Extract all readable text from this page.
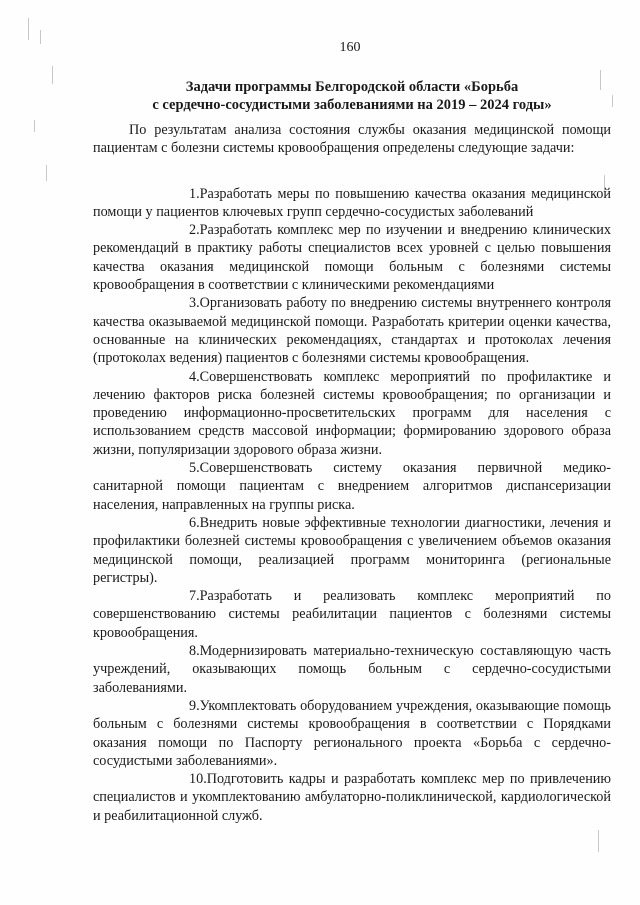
160
Задачи программы Белгородской области «Борьба
с сердечно-сосудистыми заболеваниями на 2019 – 2024 годы»

По результатам анализа состояния службы оказания медицинской помощи пациентам с болезни системы кровообращения определены следующие задачи:

1.Разработать меры по повышению качества оказания медицинской помощи у пациентов ключевых групп сердечно-сосудистых заболеваний

2.Разработать комплекс мер по изучении и внедрению клинических рекомендаций в практику работы специалистов всех уровней с целью повышения качества оказания медицинской помощи больным с болезнями системы кровообращения в соответствии с клиническими рекомендациями

3.Организовать работу по внедрению системы внутреннего контроля качества оказываемой медицинской помощи. Разработать критерии оценки качества, основанные на клинических рекомендациях, стандартах и протоколах лечения (протоколах ведения) пациентов с болезнями системы кровообращения.

4.Совершенствовать комплекс мероприятий по профилактике и лечению факторов риска болезней системы кровообращения; по организации и проведению информационно-просветительских программ для населения с использованием средств массовой информации; формированию здорового образа жизни, популяризации здорового образа жизни.

5.Совершенствовать систему оказания первичной медико-санитарной помощи пациентам с внедрением алгоритмов диспансеризации населения, направленных на группы риска.

6.Внедрить новые эффективные технологии диагностики, лечения и профилактики болезней системы кровообращения с увеличением объемов оказания медицинской помощи, реализацией программ мониторинга (региональные регистры).

7.Разработать и реализовать комплекс мероприятий по совершенствованию системы реабилитации пациентов с болезнями системы кровообращения.

8.Модернизировать материально-техническую составляющую часть учреждений, оказывающих помощь больным с сердечно-сосудистыми заболеваниями.

9.Укомплектовать оборудованием учреждения, оказывающие помощь больным с болезнями системы кровообращения в соответствии с Порядками оказания помощи по Паспорту регионального проекта «Борьба с сердечно-сосудистыми заболеваниями».

10.Подготовить кадры и разработать комплекс мер по привлечению специалистов и укомплектованию амбулаторно-поликлинической, кардиологической и реабилитационной служб.
